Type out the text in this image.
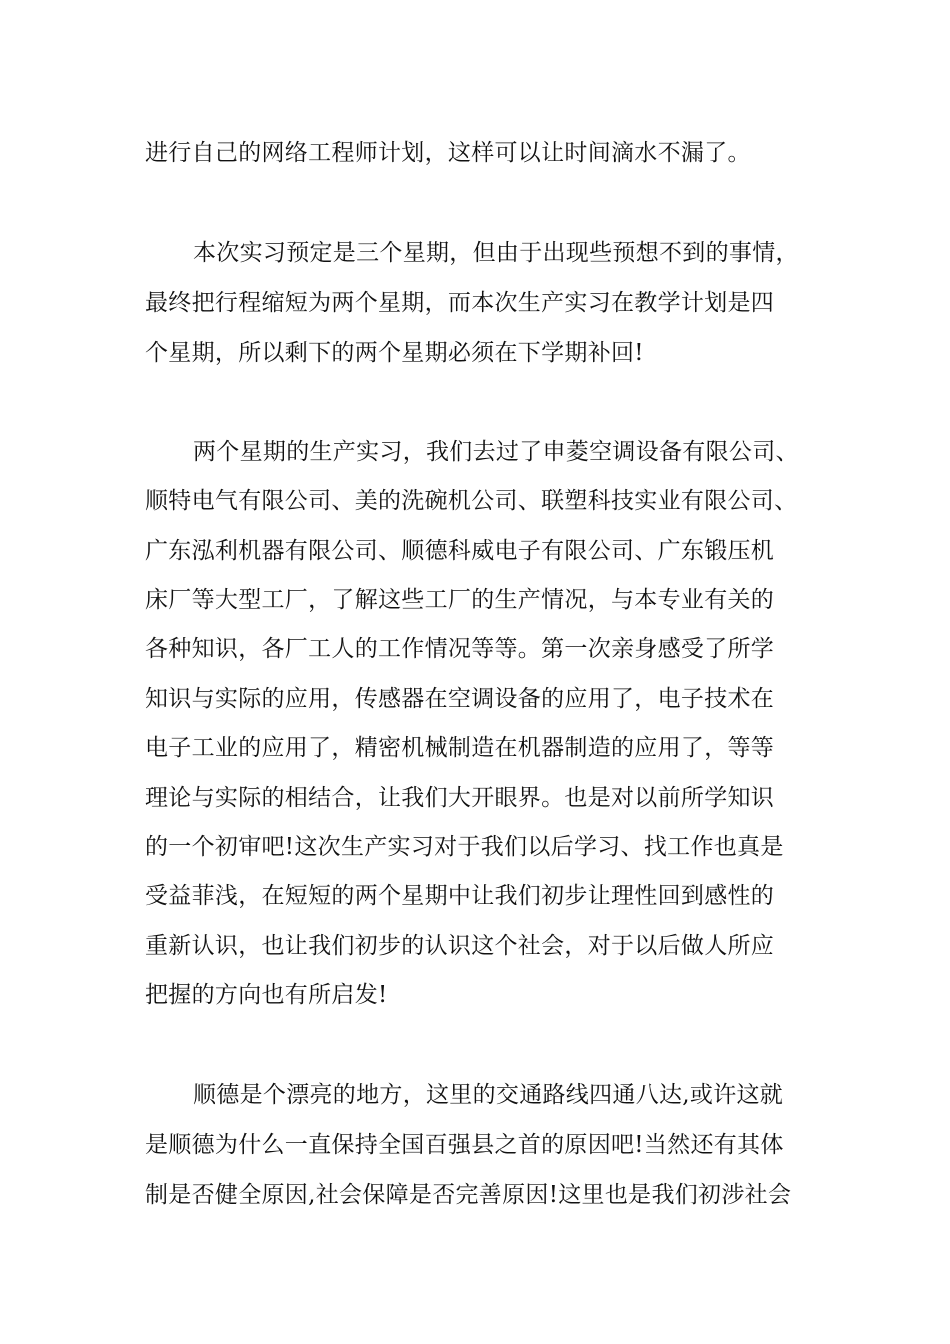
进行自己的网络工程师计划，这样可以让时间滴水不漏了。
本次实习预定是三个星期，但由于出现些预想不到的事情，
最终把行程缩短为两个星期，而本次生产实习在教学计划是四
个星期，所以剩下的两个星期必须在下学期补回!
两个星期的生产实习，我们去过了申菱空调设备有限公司、
顺特电气有限公司、美的洗碗机公司、联塑科技实业有限公司、
广东泓利机器有限公司、顺德科威电子有限公司、广东锻压机
床厂等大型工厂，了解这些工厂的生产情况，与本专业有关的
各种知识，各厂工人的工作情况等等。第一次亲身感受了所学
知识与实际的应用，传感器在空调设备的应用了，电子技术在
电子工业的应用了，精密机械制造在机器制造的应用了，等等
理论与实际的相结合，让我们大开眼界。也是对以前所学知识
的一个初审吧!这次生产实习对于我们以后学习、找工作也真是
受益菲浅，在短短的两个星期中让我们初步让理性回到感性的
重新认识，也让我们初步的认识这个社会，对于以后做人所应
把握的方向也有所启发!
顺德是个漂亮的地方，这里的交通路线四通八达,或许这就
是顺德为什么一直保持全国百强县之首的原因吧!当然还有其体
制是否健全原因,社会保障是否完善原因!这里也是我们初涉社会
